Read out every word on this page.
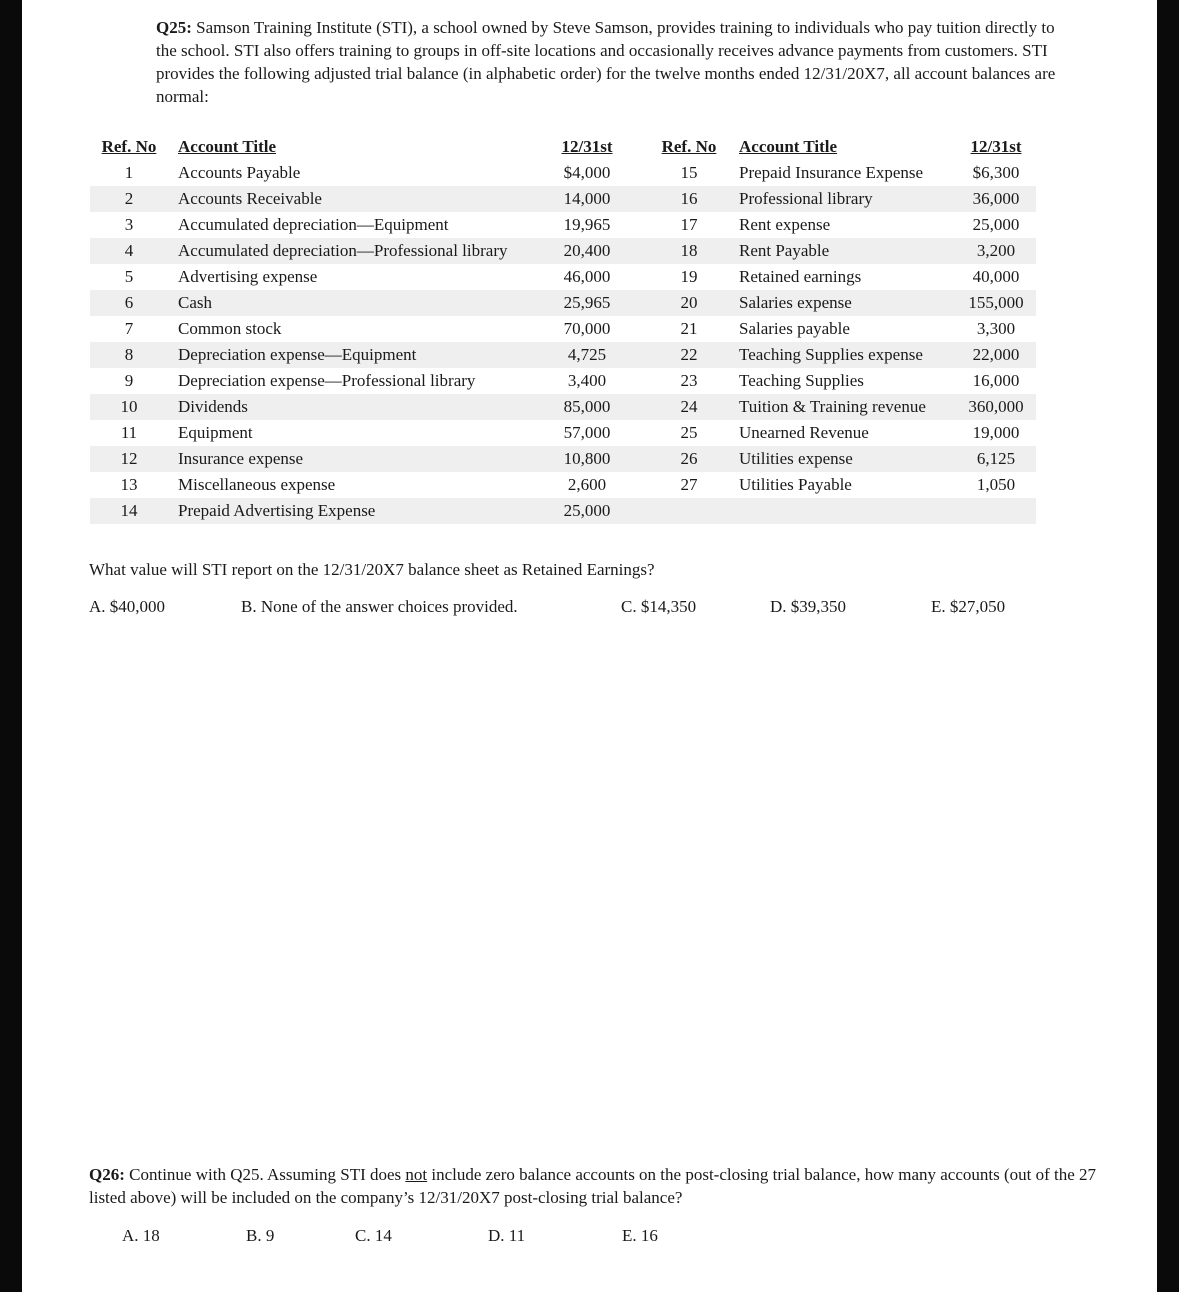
Q25: Samson Training Institute (STI), a school owned by Steve Samson, provides training to individuals who pay tuition directly to the school. STI also offers training to groups in off-site locations and occasionally receives advance payments from customers. STI provides the following adjusted trial balance (in alphabetic order) for the twelve months ended 12/31/20X7, all account balances are normal:
Ref. No Account Title	12/31st	Ref. No Account Title	12/31st
1	Accounts Payable	$4,000	15	Prepaid Insurance Expense	$6,300
2	Accounts Receivable	14,000	16	Professional library	36,000
3	Accumulated depreciation—Equipment	19,965	17	Rent expense	25,000
4	Accumulated depreciation—Professional library	20,400	18	Rent Payable	3,200
5	Advertising expense	46,000	19	Retained earnings	40,000
6	Cash	25,965	20	Salaries expense	155,000
7	Common stock	70,000	21	Salaries payable	3,300
8	Depreciation expense—Equipment	4,725	22	Teaching Supplies expense	22,000
9	Depreciation expense—Professional library	3,400	23	Teaching Supplies	16,000
10	Dividends	85,000	24	Tuition & Training revenue	360,000
11	Equipment	57,000	25	Unearned Revenue	19,000
12	Insurance expense	10,800	26	Utilities expense	6,125
13	Miscellaneous expense	2,600	27	Utilities Payable	1,050
14	Prepaid Advertising Expense	25,000
What value will STI report on the 12/31/20X7 balance sheet as Retained Earnings?
A. $40,000	B. None of the answer choices provided.	C. $14,350	D. $39,350	E. $27,050
Q26: Continue with Q25. Assuming STI does not include zero balance accounts on the post-closing trial balance, how many accounts (out of the 27 listed above) will be included on the company’s 12/31/20X7 post-closing trial balance?
A. 18	B. 9	C. 14	D. 11	E. 16
